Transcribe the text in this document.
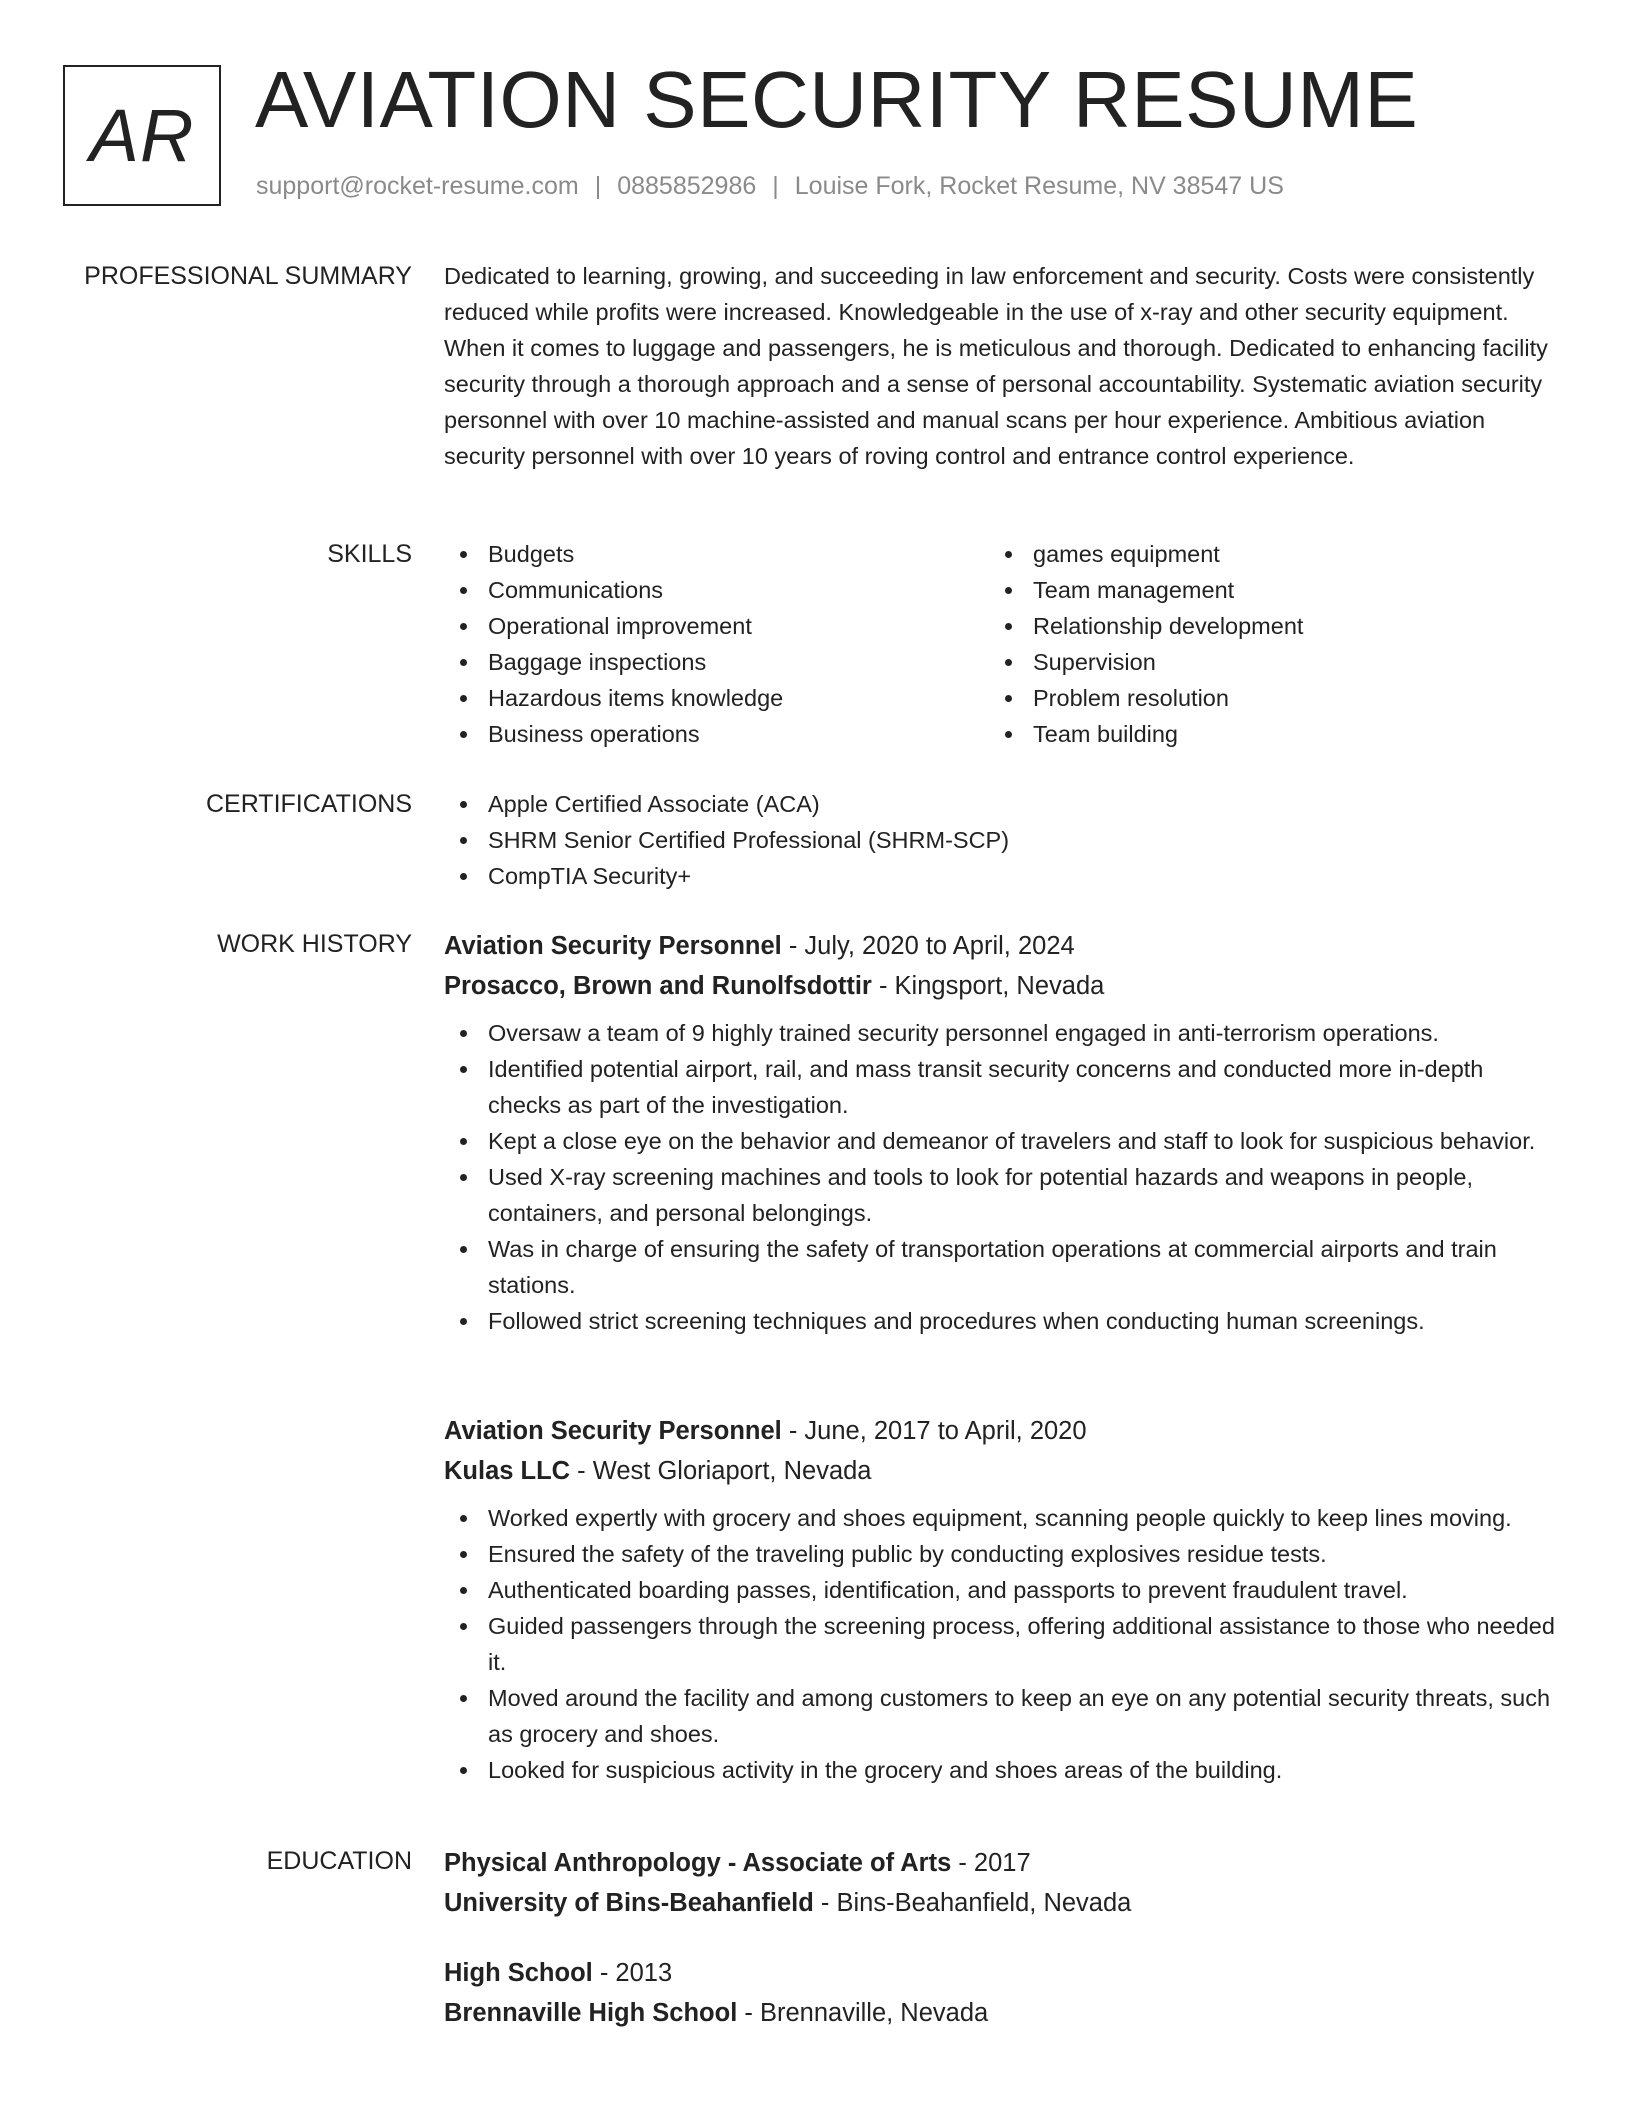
AR AVIATION SECURITY RESUME
support@rocket-resume.com | 0885852986 | Louise Fork, Rocket Resume, NV 38547 US
PROFESSIONAL SUMMARY Dedicated to learning, growing, and succeeding in law enforcement and security. Costs were consistently reduced while profits were increased. Knowledgeable in the use of x-ray and other security equipment. When it comes to luggage and passengers, he is meticulous and thorough. Dedicated to enhancing facility security through a thorough approach and a sense of personal accountability. Systematic aviation security personnel with over 10 machine-assisted and manual scans per hour experience. Ambitious aviation security personnel with over 10 years of roving control and entrance control experience.

SKILLS	Budgets
Communications
Operational improvement
Baggage inspections
Hazardous items knowledge
Business operations
games equipment
Team management
Relationship development
Supervision
Problem resolution
Team building
CERTIFICATIONS	Apple Certified Associate (ACA)
SHRM Senior Certified Professional (SHRM-SCP)
CompTIA Security+
WORK HISTORY Aviation Security Personnel - July, 2020 to April, 2024
Prosacco, Brown and Runolfsdottir - Kingsport, Nevada
Oversaw a team of 9 highly trained security personnel engaged in anti-terrorism operations.
Identified potential airport, rail, and mass transit security concerns and conducted more in-depth checks as part of the investigation.
Kept a close eye on the behavior and demeanor of travelers and staff to look for suspicious behavior.
Used X-ray screening machines and tools to look for potential hazards and weapons in people, containers, and personal belongings.
Was in charge of ensuring the safety of transportation operations at commercial airports and train stations.
Followed strict screening techniques and procedures when conducting human screenings.
Aviation Security Personnel - June, 2017 to April, 2020
Kulas LLC - West Gloriaport, Nevada
Worked expertly with grocery and shoes equipment, scanning people quickly to keep lines moving.
Ensured the safety of the traveling public by conducting explosives residue tests.
Authenticated boarding passes, identification, and passports to prevent fraudulent travel.
Guided passengers through the screening process, offering additional assistance to those who needed it.
Moved around the facility and among customers to keep an eye on any potential security threats, such as grocery and shoes.
Looked for suspicious activity in the grocery and shoes areas of the building.
EDUCATION Physical Anthropology - Associate of Arts - 2017
University of Bins-Beahanfield - Bins-Beahanfield, Nevada
High School - 2013
Brennaville High School - Brennaville, Nevada
